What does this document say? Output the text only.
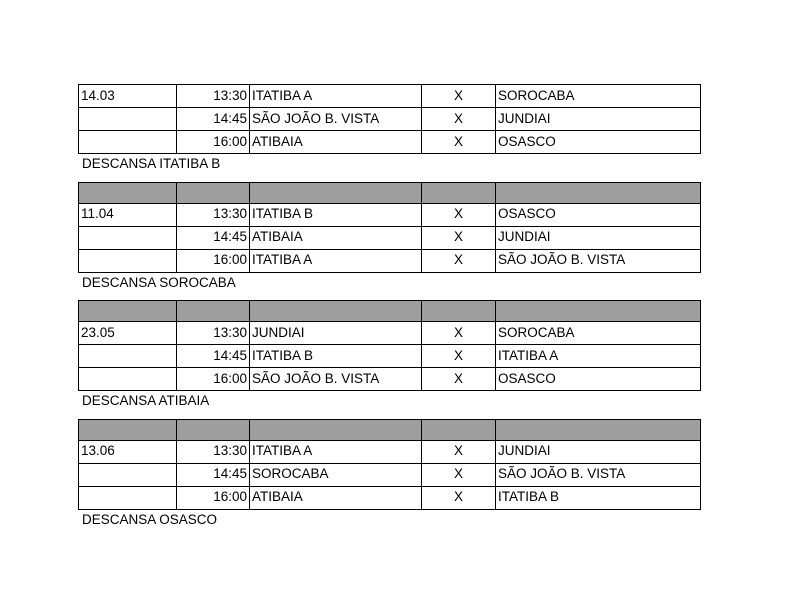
14.03	13:30	ITATIBA A	X	SOROCABA
	14:45	SÃO JOÃO B. VISTA	X	JUNDIAI
	16:00	ATIBAIA	X	OSASCO
DESCANSA ITATIBA B

11.04	13:30	ITATIBA B	X	OSASCO
	14:45	ATIBAIA	X	JUNDIAI
	16:00	ITATIBA A	X	SÃO JOÃO B. VISTA
DESCANSA SOROCABA

23.05	13:30	JUNDIAI	X	SOROCABA
	14:45	ITATIBA B	X	ITATIBA A
	16:00	SÃO JOÃO B. VISTA	X	OSASCO
DESCANSA ATIBAIA

13.06	13:30	ITATIBA A	X	JUNDIAI
	14:45	SOROCABA	X	SÃO JOÃO B. VISTA
	16:00	ATIBAIA	X	ITATIBA B
DESCANSA OSASCO
